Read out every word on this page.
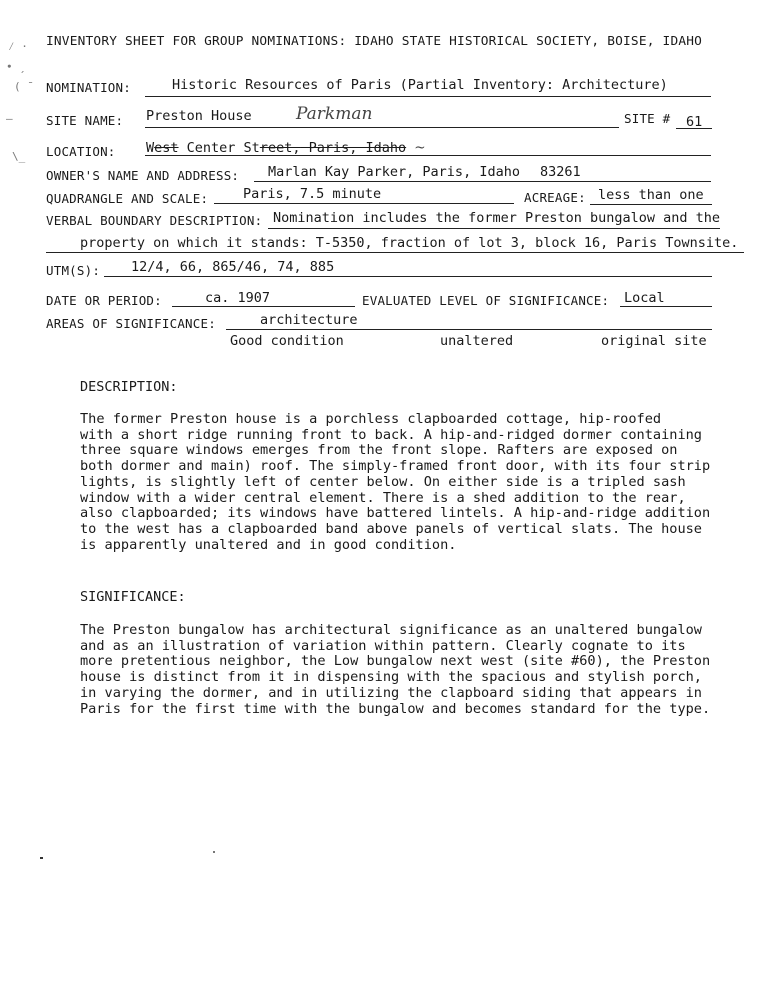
⁄ ·
∙ ˏ
( ̄
—
\_
INVENTORY SHEET FOR GROUP NOMINATIONS: IDAHO STATE HISTORICAL SOCIETY, BOISE, IDAHO
NOMINATION:	Historic Resources of Paris (Partial Inventory: Architecture)
SITE NAME: Preston House	Parkman	SITE # 61
LOCATION: West Center Street, Paris, Idaho ~
OWNER'S NAME AND ADDRESS: Marlan Kay Parker, Paris, Idaho 83261
QUADRANGLE AND SCALE:	Paris, 7.5 minute	ACREAGE: less than one
VERBAL BOUNDARY DESCRIPTION: Nomination includes the former Preston bungalow and the
property on which it stands: T-5350, fraction of lot 3, block 16, Paris Townsite.
UTM(S): 12/4, 66, 865/46, 74, 885
DATE OR PERIOD:	ca. 1907	EVALUATED LEVEL OF SIGNIFICANCE: Local
AREAS OF SIGNIFICANCE:	architecture
Good condition	unaltered	original site
DESCRIPTION:
The former Preston house is a porchless clapboarded cottage, hip-roofed
with a short ridge running front to back. A hip-and-ridged dormer containing
three square windows emerges from the front slope. Rafters are exposed on
both dormer and main) roof. The simply-framed front door, with its four strip
lights, is slightly left of center below. On either side is a tripled sash
window with a wider central element. There is a shed addition to the rear,
also clapboarded; its windows have battered lintels. A hip-and-ridge addition
to the west has a clapboarded band above panels of vertical slats. The house
is apparently unaltered and in good condition.
SIGNIFICANCE:
The Preston bungalow has architectural significance as an unaltered bungalow
and as an illustration of variation within pattern. Clearly cognate to its
more pretentious neighbor, the Low bungalow next west (site #60), the Preston
house is distinct from it in dispensing with the spacious and stylish porch,
in varying the dormer, and in utilizing the clapboard siding that appears in
Paris for the first time with the bungalow and becomes standard for the type.
